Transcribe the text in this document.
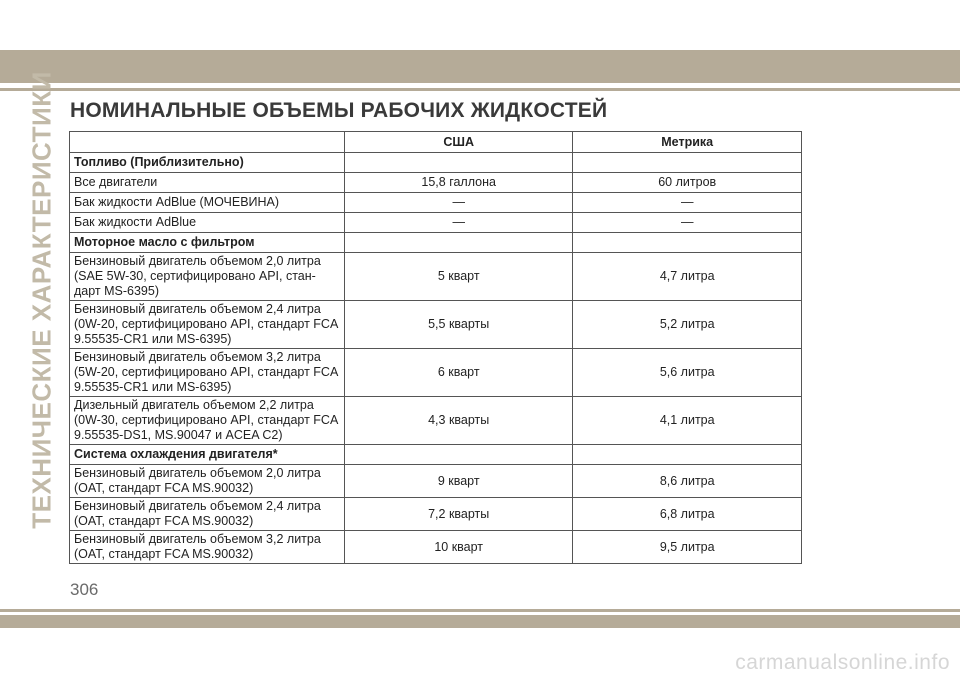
ТЕХНИЧЕСКИЕ ХАРАКТЕРИСТИКИ НОМИНАЛЬНЫЕ ОБЪЕМЫ РАБОЧИХ ЖИДКОСТЕЙ
	США	Метрика
Топливо (Приблизительно)		
Все двигатели	15,8 галлона	60 литров
Бак жидкости AdBlue (МОЧЕВИНА)	—	—
Бак жидкости AdBlue	—	—
Моторное масло с фильтром		
Бензиновый двигатель объемом 2,0 литра (SAE 5W-30, сертифицировано API, стан-дарт MS-6395)	5 кварт	4,7 литра
Бензиновый двигатель объемом 2,4 литра (0W-20, сертифицировано API, стандарт FCA 9.55535-CR1 или MS-6395)	5,5 кварты	5,2 литра
Бензиновый двигатель объемом 3,2 литра (5W-20, сертифицировано API, стандарт FCA 9.55535-CR1 или MS-6395)	6 кварт	5,6 литра
Дизельный двигатель объемом 2,2 литра (0W-30, сертифицировано API, стандарт FCA 9.55535-DS1, MS.90047 и ACEA C2)	4,3 кварты	4,1 литра
Система охлаждения двигателя*		
Бензиновый двигатель объемом 2,0 литра (OAT, стандарт FCA MS.90032)	9 кварт	8,6 литра
Бензиновый двигатель объемом 2,4 литра (OAT, стандарт FCA MS.90032)	7,2 кварты	6,8 литра
Бензиновый двигатель объемом 3,2 литра (OAT, стандарт FCA MS.90032)	10 кварт	9,5 литра
306
carmanualsonline.info
